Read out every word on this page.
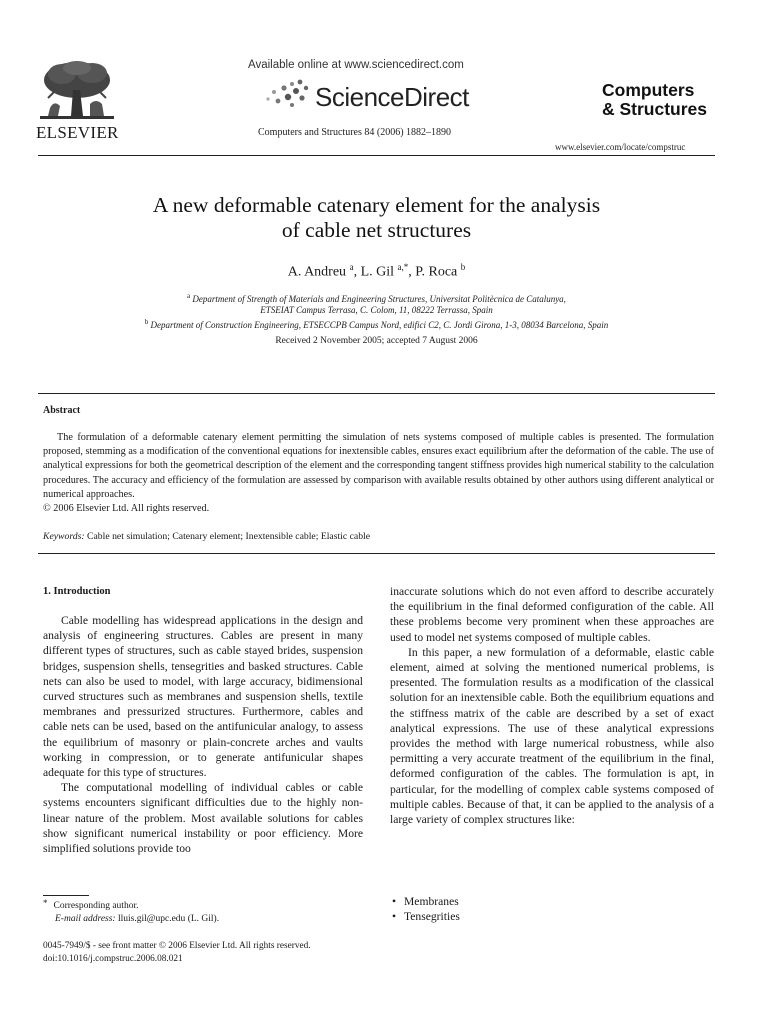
ELSEVIER
Available online at www.sciencedirect.com
ScienceDirect
Computers and Structures 84 (2006) 1882–1890
Computers
& Structures
www.elsevier.com/locate/compstruc
A new deformable catenary element for the analysis
of cable net structures
A. Andreu $^a$, L. Gil $^{a,*}$, P. Roca $^b$
$^a$ Department of Strength of Materials and Engineering Structures, Universitat Politècnica de Catalunya,
ETSEIAT Campus Terrasa, C. Colom, 11, 08222 Terrassa, Spain
$^b$ Department of Construction Engineering, ETSECCPB Campus Nord, edifici C2, C. Jordi Girona, 1-3, 08034 Barcelona, Spain
Received 2 November 2005; accepted 7 August 2006
Abstract
The formulation of a deformable catenary element permitting the simulation of nets systems composed of multiple cables is presented. The formulation proposed, stemming as a modification of the conventional equations for inextensible cables, ensures exact equilibrium after the deformation of the cable. The use of analytical expressions for both the geometrical description of the element and the corresponding tangent stiffness provides high numerical stability to the calculation procedures. The accuracy and efficiency of the formulation are assessed by comparison with available results obtained by other authors using different analytical or numerical approaches.
© 2006 Elsevier Ltd. All rights reserved.
Keywords: Cable net simulation; Catenary element; Inextensible cable; Elastic cable
1. Introduction

Cable modelling has widespread applications in the design and analysis of engineering structures. Cables are present in many different types of structures, such as cable stayed brides, suspension bridges, suspension shells, tensegrities and basked structures. Cable nets can also be used to model, with large accuracy, bidimensional curved structures such as membranes and suspension shells, textile membranes and pressurized structures. Furthermore, cables and cable nets can be used, based on the antifunicular analogy, to assess the equilibrium of masonry or plain-concrete arches and vaults working in compression, or to generate antifunicular shapes adequate for this type of structures.

The computational modelling of individual cables or cable systems encounters significant difficulties due to the highly non-linear nature of the problem. Most available solutions for cables show significant numerical instability or poor efficiency. More simplified solutions provide too

inaccurate solutions which do not even afford to describe accurately the equilibrium in the final deformed configuration of the cable. All these problems become very prominent when these approaches are used to model net systems composed of multiple cables.

In this paper, a new formulation of a deformable, elastic cable element, aimed at solving the mentioned numerical problems, is presented. The formulation results as a modification of the classical solution for an inextensible cable. Both the equilibrium equations and the stiffness matrix of the cable are described by a set of exact analytical expressions. The use of these analytical expressions provides the method with large numerical robustness, while also permitting a very accurate treatment of the equilibrium in the final, deformed configuration of the cables. The formulation is apt, in particular, for the modelling of complex cable systems composed of multiple cables. Because of that, it can be applied to the analysis of a large variety of complex structures like:

• Membranes
• Tensegrities
* Corresponding author.
E-mail address: lluis.gil@upc.edu (L. Gil).
0045-7949/$ - see front matter © 2006 Elsevier Ltd. All rights reserved.
doi:10.1016/j.compstruc.2006.08.021
